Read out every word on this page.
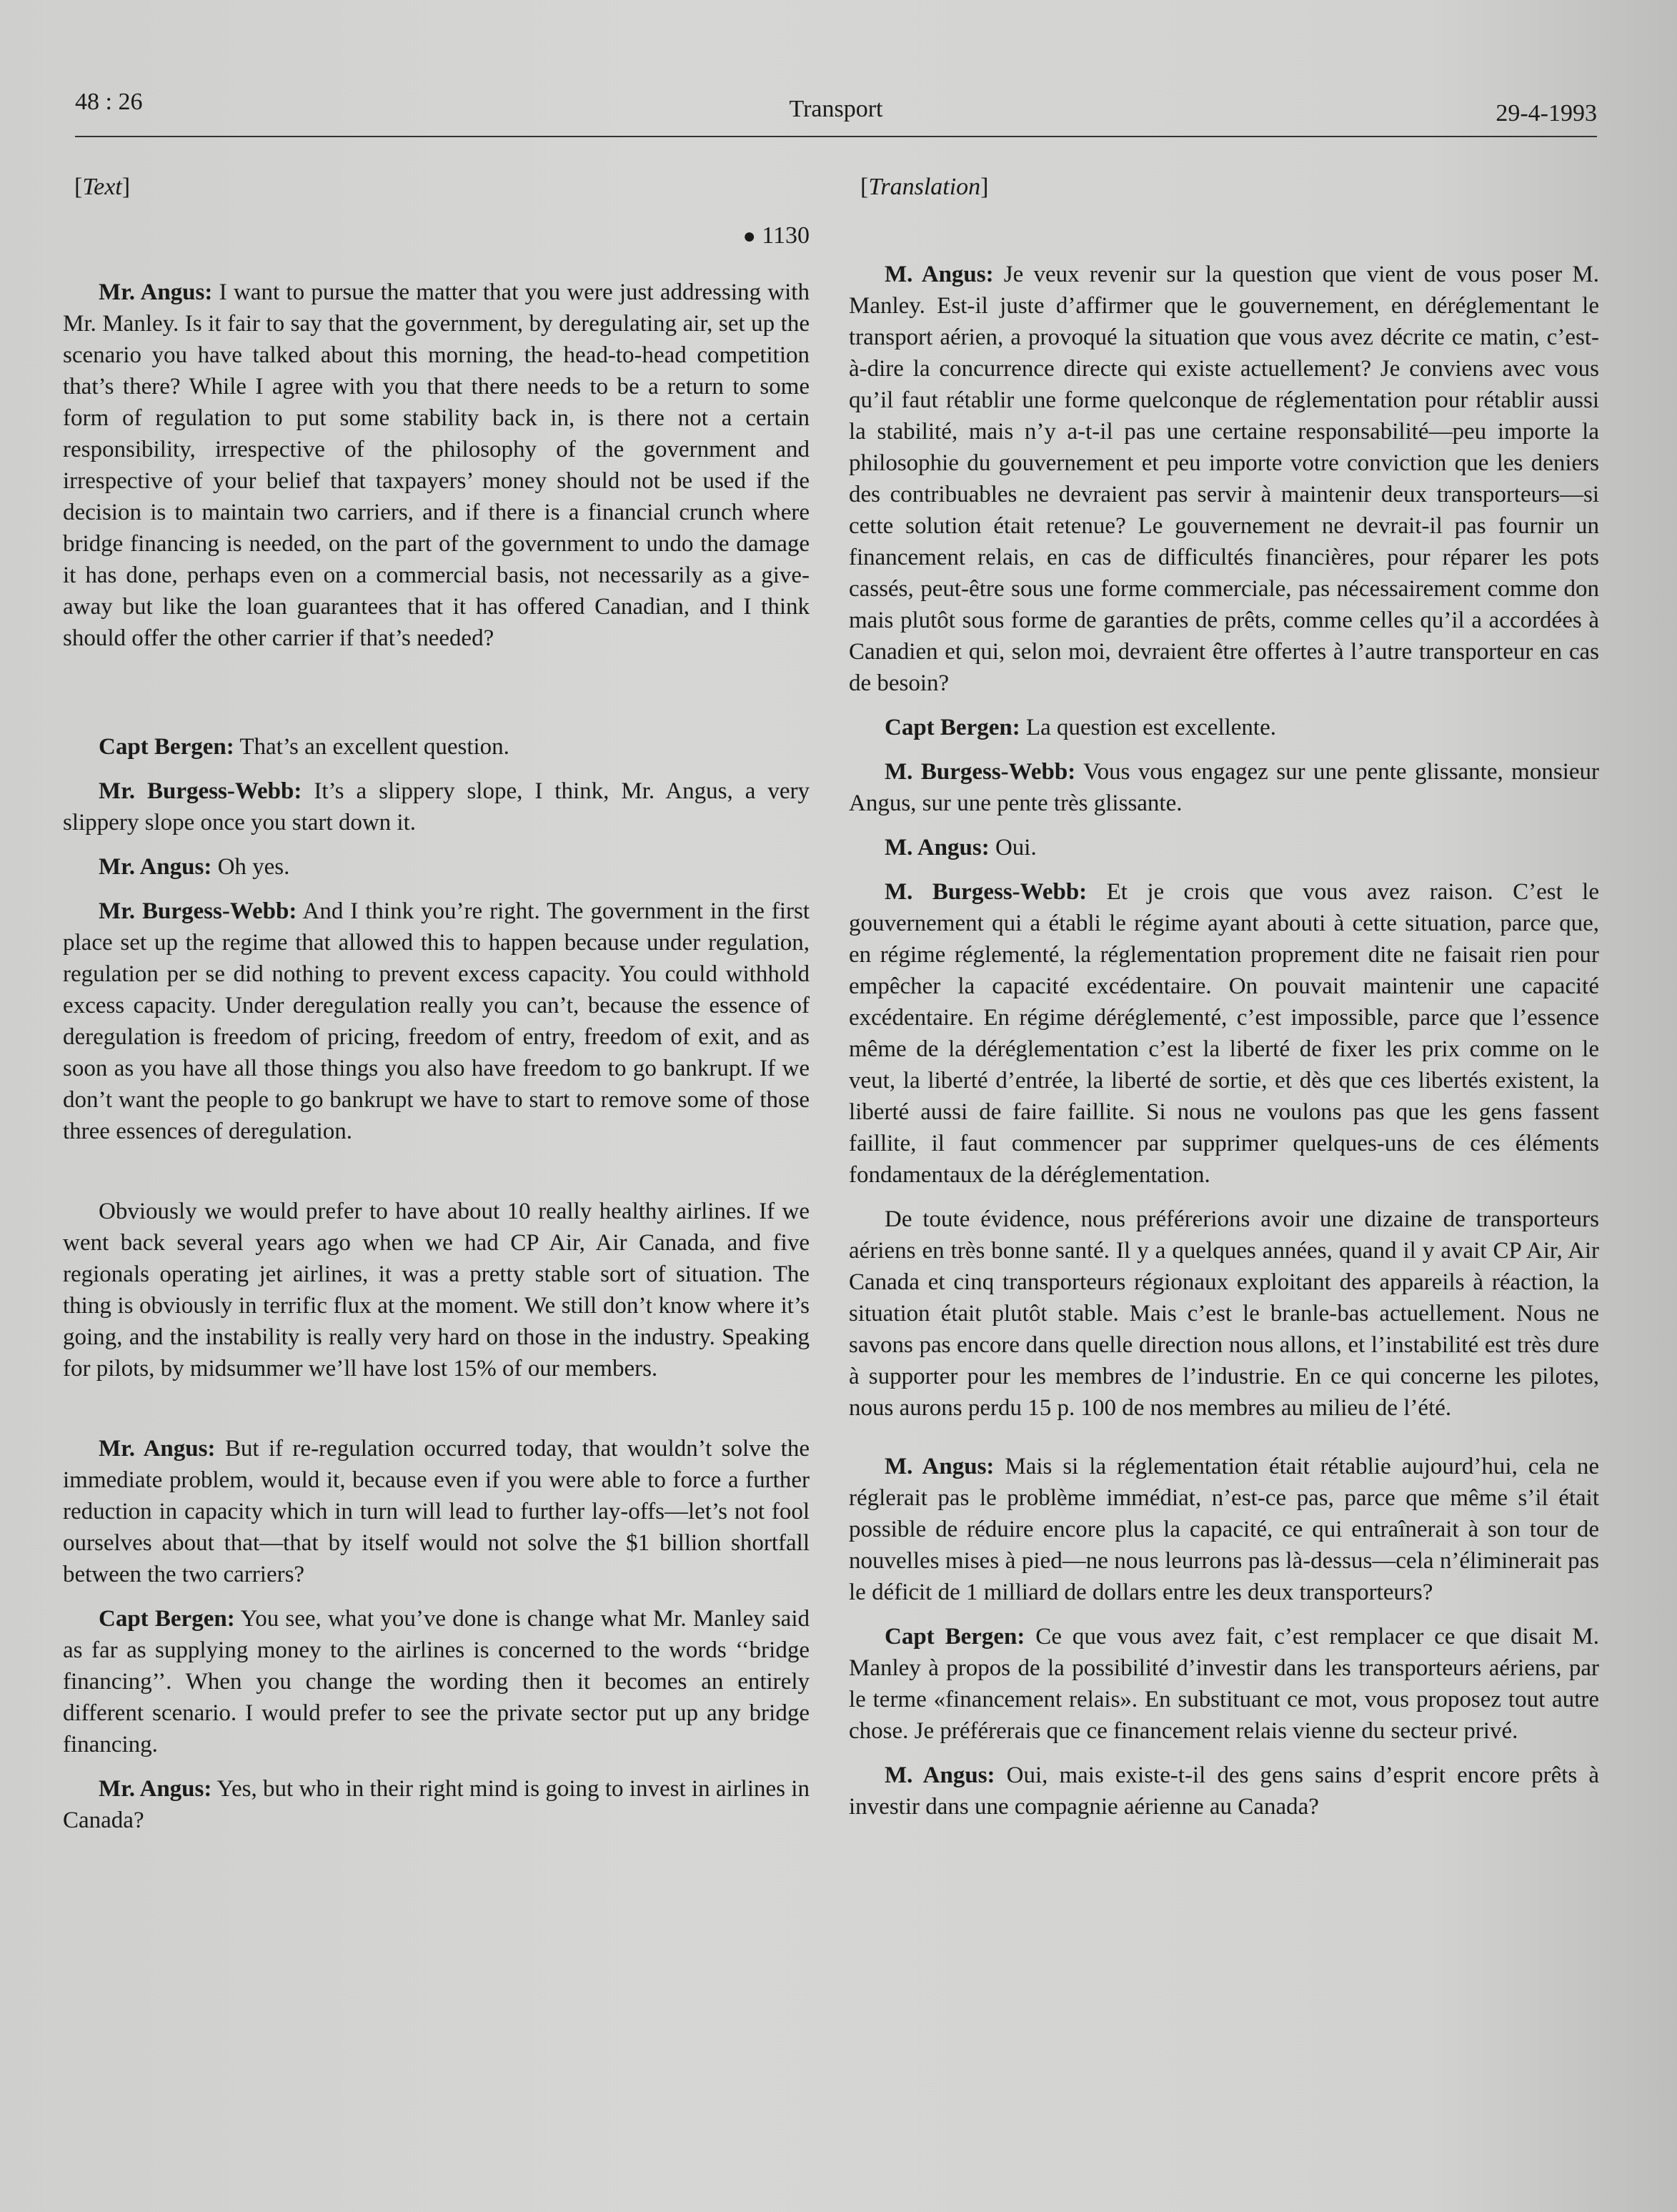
48 : 26	Transport	29-4-1993
[Text]
● 1130

Mr. Angus: I want to pursue the matter that you were just addressing with Mr. Manley. Is it fair to say that the government, by deregulating air, set up the scenario you have talked about this morning, the head-to-head competition that’s there? While I agree with you that there needs to be a return to some form of regulation to put some stability back in, is there not a certain responsibility, irrespective of the philosophy of the government and irrespective of your belief that taxpayers’ money should not be used if the decision is to maintain two carriers, and if there is a financial crunch where bridge financing is needed, on the part of the government to undo the damage it has done, perhaps even on a commercial basis, not necessarily as a give-away but like the loan guarantees that it has offered Canadian, and I think should offer the other carrier if that’s needed?

Capt Bergen: That’s an excellent question.

Mr. Burgess-Webb: It’s a slippery slope, I think, Mr. Angus, a very slippery slope once you start down it.

Mr. Angus: Oh yes.

Mr. Burgess-Webb: And I think you’re right. The government in the first place set up the regime that allowed this to happen because under regulation, regulation per se did nothing to prevent excess capacity. You could withhold excess capacity. Under deregulation really you can’t, because the essence of deregulation is freedom of pricing, freedom of entry, freedom of exit, and as soon as you have all those things you also have freedom to go bankrupt. If we don’t want the people to go bankrupt we have to start to remove some of those three essences of deregulation.

Obviously we would prefer to have about 10 really healthy airlines. If we went back several years ago when we had CP Air, Air Canada, and five regionals operating jet airlines, it was a pretty stable sort of situation. The thing is obviously in terrific flux at the moment. We still don’t know where it’s going, and the instability is really very hard on those in the industry. Speaking for pilots, by midsummer we’ll have lost 15% of our members.

Mr. Angus: But if re-regulation occurred today, that wouldn’t solve the immediate problem, would it, because even if you were able to force a further reduction in capacity which in turn will lead to further lay-offs—let’s not fool ourselves about that—that by itself would not solve the $1 billion shortfall between the two carriers?

Capt Bergen: You see, what you’ve done is change what Mr. Manley said as far as supplying money to the airlines is concerned to the words ‘‘bridge financing’’. When you change the wording then it becomes an entirely different scenario. I would prefer to see the private sector put up any bridge financing.

Mr. Angus: Yes, but who in their right mind is going to invest in airlines in Canada?

[Translation]

M. Angus: Je veux revenir sur la question que vient de vous poser M. Manley. Est-il juste d’affirmer que le gouvernement, en déréglementant le transport aérien, a provoqué la situation que vous avez décrite ce matin, c’est-à-dire la concurrence directe qui existe actuellement? Je conviens avec vous qu’il faut rétablir une forme quelconque de réglementation pour rétablir aussi la stabilité, mais n’y a-t-il pas une certaine responsabilité—peu importe la philosophie du gouvernement et peu importe votre conviction que les deniers des contribuables ne devraient pas servir à maintenir deux transporteurs—si cette solution était retenue? Le gouvernement ne devrait-il pas fournir un financement relais, en cas de difficultés financières, pour réparer les pots cassés, peut-être sous une forme commerciale, pas nécessairement comme don mais plutôt sous forme de garanties de prêts, comme celles qu’il a accordées à Canadien et qui, selon moi, devraient être offertes à l’autre transporteur en cas de besoin?

Capt Bergen: La question est excellente.

M. Burgess-Webb: Vous vous engagez sur une pente glissante, monsieur Angus, sur une pente très glissante.

M. Angus: Oui.

M. Burgess-Webb: Et je crois que vous avez raison. C’est le gouvernement qui a établi le régime ayant abouti à cette situation, parce que, en régime réglementé, la réglementation proprement dite ne faisait rien pour empêcher la capacité excédentaire. On pouvait maintenir une capacité excédentaire. En régime déréglementé, c’est impossible, parce que l’essence même de la déréglementation c’est la liberté de fixer les prix comme on le veut, la liberté d’entrée, la liberté de sortie, et dès que ces libertés existent, la liberté aussi de faire faillite. Si nous ne voulons pas que les gens fassent faillite, il faut commencer par supprimer quelques-uns de ces éléments fondamentaux de la déréglementation.

De toute évidence, nous préférerions avoir une dizaine de transporteurs aériens en très bonne santé. Il y a quelques années, quand il y avait CP Air, Air Canada et cinq transporteurs régionaux exploitant des appareils à réaction, la situation était plutôt stable. Mais c’est le branle-bas actuellement. Nous ne savons pas encore dans quelle direction nous allons, et l’instabilité est très dure à supporter pour les membres de l’industrie. En ce qui concerne les pilotes, nous aurons perdu 15 p. 100 de nos membres au milieu de l’été.

M. Angus: Mais si la réglementation était rétablie aujourd’hui, cela ne réglerait pas le problème immédiat, n’est-ce pas, parce que même s’il était possible de réduire encore plus la capacité, ce qui entraînerait à son tour de nouvelles mises à pied—ne nous leurrons pas là-dessus—cela n’éliminerait pas le déficit de 1 milliard de dollars entre les deux transporteurs?

Capt Bergen: Ce que vous avez fait, c’est remplacer ce que disait M. Manley à propos de la possibilité d’investir dans les transporteurs aériens, par le terme «financement relais». En substituant ce mot, vous proposez tout autre chose. Je préférerais que ce financement relais vienne du secteur privé.

M. Angus: Oui, mais existe-t-il des gens sains d’esprit encore prêts à investir dans une compagnie aérienne au Canada?
